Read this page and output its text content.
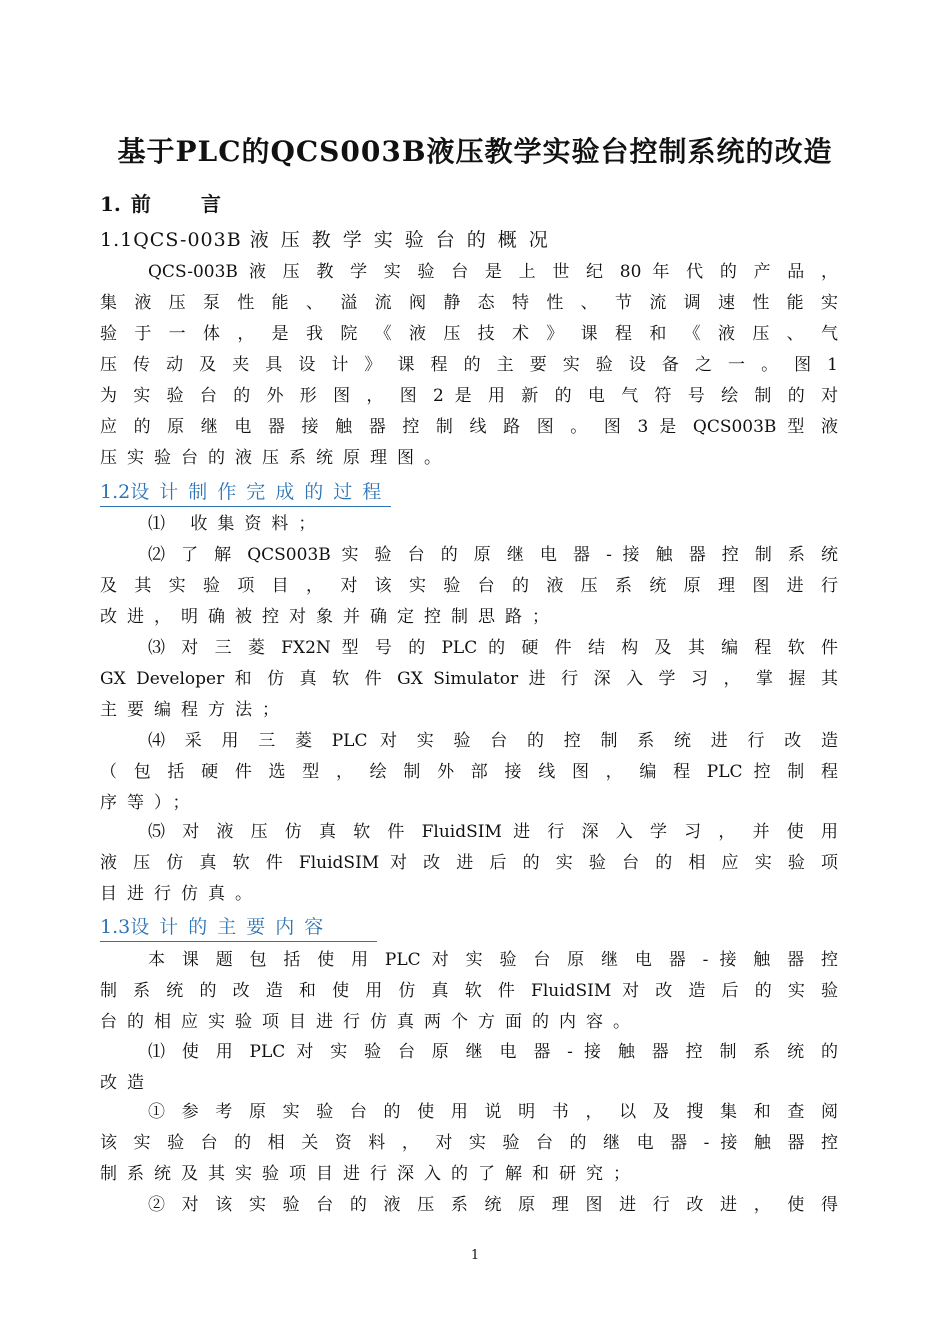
基于PLC的QCS003B液压教学实验台控制系统的改造
1. 前言
1.1QCS-003B 液压教学实验台的概况
QCS-003B 液 压 教 学 实 验 台 是 上 世 纪 80 年 代 的 产 品 ，
集 液 压 泵 性 能 、 溢 流 阀 静 态 特 性 、 节 流 调 速 性 能 实
验 于 一 体 ， 是 我 院 《 液 压 技 术 》 课 程 和 《 液 压 、 气
压 传 动 及 夹 具 设 计 》 课 程 的 主 要 实 验 设 备 之 一 。 图 1
为 实 验 台 的 外 形 图 ， 图 2 是 用 新 的 电 气 符 号 绘 制 的 对
应 的 原 继 电 器 接 触 器 控 制 线 路 图 。 图 3 是 QCS003B 型 液
压实验台的液压系统原理图。
1.2设计制作完成的过程
⑴ 收集资料；
⑵ 了 解 QCS003B 实 验 台 的 原 继 电 器 - 接 触 器 控 制 系 统
及 其 实 验 项 目 ， 对 该 实 验 台 的 液 压 系 统 原 理 图 进 行
改进，明确被控对象并确定控制思路；
⑶ 对 三 菱 FX2N 型 号 的 PLC 的 硬 件 结 构 及 其 编 程 软 件
GX Developer 和 仿 真 软 件 GX Simulator 进 行 深 入 学 习 ， 掌 握 其
主要编程方法；
⑷ 采 用 三 菱 PLC 对 实 验 台 的 控 制 系 统 进 行 改 造
（ 包 括 硬 件 选 型 ， 绘 制 外 部 接 线 图 ， 编 程 PLC 控 制 程
序等）；
⑸ 对 液 压 仿 真 软 件 FluidSIM 进 行 深 入 学 习 ， 并 使 用
液 压 仿 真 软 件 FluidSIM 对 改 进 后 的 实 验 台 的 相 应 实 验 项
目进行仿真。
1.3设计的主要内容
本 课 题 包 括 使 用 PLC 对 实 验 台 原 继 电 器 - 接 触 器 控
制 系 统 的 改 造 和 使 用 仿 真 软 件 FluidSIM 对 改 造 后 的 实 验
台的相应实验项目进行仿真两个方面的内容。
⑴ 使 用 PLC 对 实 验 台 原 继 电 器 - 接 触 器 控 制 系 统 的
改造
① 参 考 原 实 验 台 的 使 用 说 明 书 ， 以 及 搜 集 和 查 阅
该 实 验 台 的 相 关 资 料 ， 对 实 验 台 的 继 电 器 - 接 触 器 控
制系统及其实验项目进行深入的了解和研究；
② 对 该 实 验 台 的 液 压 系 统 原 理 图 进 行 改 进 ， 使 得
1
